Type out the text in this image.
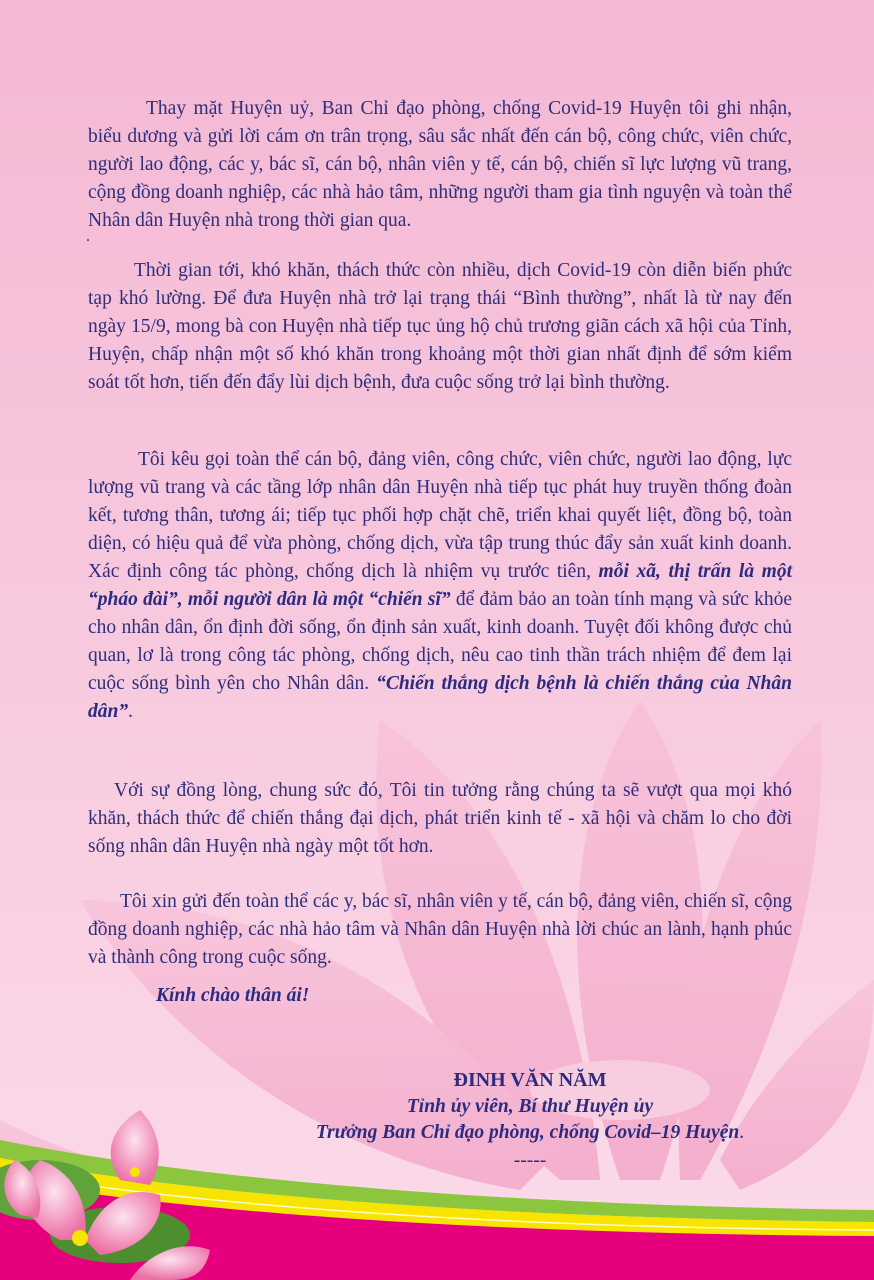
Thay mặt Huyện uỷ, Ban Chỉ đạo phòng, chống Covid-19 Huyện tôi ghi nhận, biểu dương và gửi lời cám ơn trân trọng, sâu sắc nhất đến cán bộ, công chức, viên chức, người lao động, các y, bác sĩ, cán bộ, nhân viên y tế, cán bộ, chiến sĩ lực lượng vũ trang, cộng đồng doanh nghiệp, các nhà hảo tâm, những người tham gia tình nguyện và toàn thể Nhân dân Huyện nhà trong thời gian qua.

.

Thời gian tới, khó khăn, thách thức còn nhiều, dịch Covid-19 còn diễn biến phức tạp khó lường. Để đưa Huyện nhà trở lại trạng thái “Bình thường”, nhất là từ nay đến ngày 15/9, mong bà con Huyện nhà tiếp tục ủng hộ chủ trương giãn cách xã hội của Tỉnh, Huyện, chấp nhận một số khó khăn trong khoảng một thời gian nhất định để sớm kiểm soát tốt hơn, tiến đến đẩy lùi dịch bệnh, đưa cuộc sống trở lại bình thường.

Tôi kêu gọi toàn thể cán bộ, đảng viên, công chức, viên chức, người lao động, lực lượng vũ trang và các tầng lớp nhân dân Huyện nhà tiếp tục phát huy truyền thống đoàn kết, tương thân, tương ái; tiếp tục phối hợp chặt chẽ, triển khai quyết liệt, đồng bộ, toàn diện, có hiệu quả để vừa phòng, chống dịch, vừa tập trung thúc đẩy sản xuất kinh doanh. Xác định công tác phòng, chống dịch là nhiệm vụ trước tiên, mỗi xã, thị trấn là một “pháo đài”, mỗi người dân là một “chiến sĩ” để đảm bảo an toàn tính mạng và sức khỏe cho nhân dân, ổn định đời sống, ổn định sản xuất, kinh doanh. Tuyệt đối không được chủ quan, lơ là trong công tác phòng, chống dịch, nêu cao tinh thần trách nhiệm để đem lại cuộc sống bình yên cho Nhân dân. “Chiến thắng dịch bệnh là chiến thắng của Nhân dân”.

Với sự đồng lòng, chung sức đó, Tôi tin tưởng rằng chúng ta sẽ vượt qua mọi khó khăn, thách thức để chiến thắng đại dịch, phát triển kinh tế - xã hội và chăm lo cho đời sống nhân dân Huyện nhà ngày một tốt hơn.

Tôi xin gửi đến toàn thể các y, bác sĩ, nhân viên y tế, cán bộ, đảng viên, chiến sĩ, cộng đồng doanh nghiệp, các nhà hảo tâm và Nhân dân Huyện nhà lời chúc an lành, hạnh phúc và thành công trong cuộc sống.

Kính chào thân ái!

ĐINH VĂN NĂM

Tỉnh ủy viên, Bí thư Huyện ủy

Trưởng Ban Chỉ đạo phòng, chống Covid–19 Huyện.

-----
